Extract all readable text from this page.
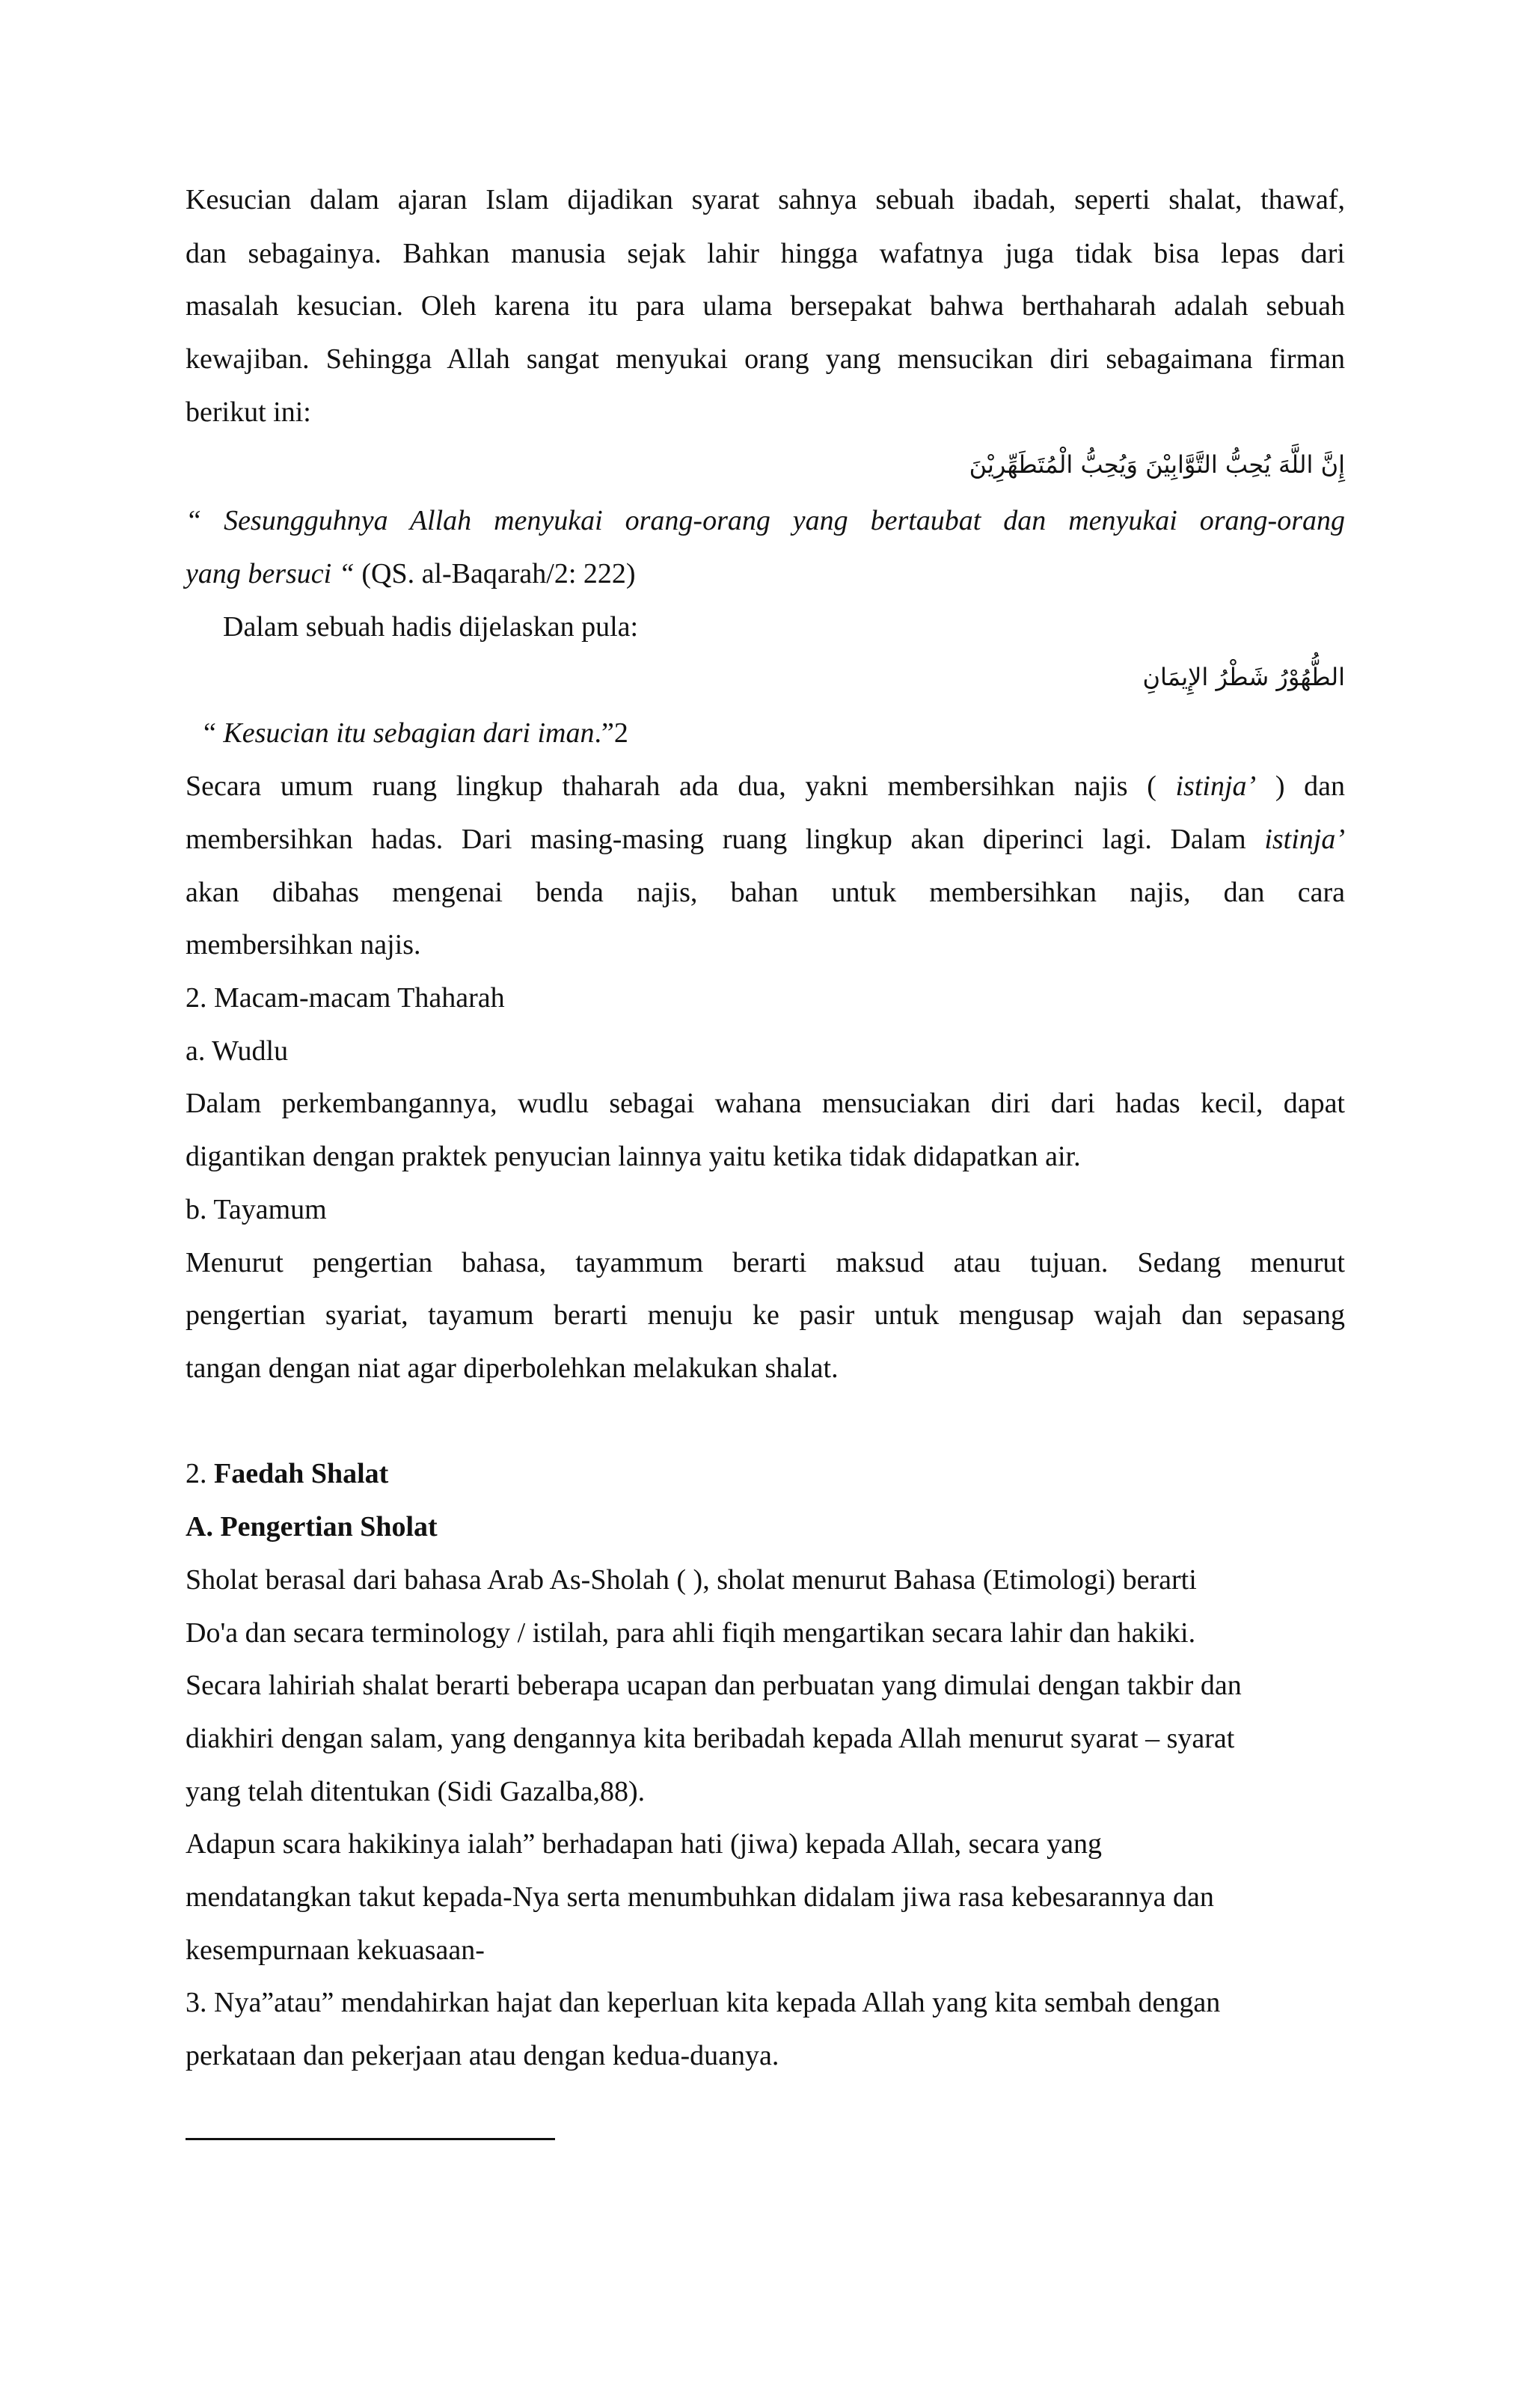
Kesucian dalam ajaran Islam dijadikan syarat sahnya sebuah ibadah, seperti shalat, thawaf,
dan sebagainya. Bahkan manusia sejak lahir hingga wafatnya juga tidak bisa lepas dari
masalah kesucian. Oleh karena itu para ulama bersepakat bahwa berthaharah adalah sebuah
kewajiban. Sehingga Allah sangat menyukai orang yang mensucikan diri sebagaimana firman
berikut ini:
إِنَّ اللَّهَ يُحِبُّ التَّوَّابِيْنَ وَيُحِبُّ الْمُتَطَهِّرِيْنَ
“ Sesungguhnya Allah menyukai orang-orang yang bertaubat dan menyukai orang-orang
yang bersuci “ (QS. al-Baqarah/2: 222)
Dalam sebuah hadis dijelaskan pula:
الطُّهُوْرُ شَطْرُ الإِيمَانِ
“ Kesucian itu sebagian dari iman.”2
Secara umum ruang lingkup thaharah ada dua, yakni membersihkan najis ( istinja’ ) dan
membersihkan hadas. Dari masing-masing ruang lingkup akan diperinci lagi. Dalam istinja’
akan dibahas mengenai benda najis, bahan untuk membersihkan najis, dan cara
membersihkan najis.
2. Macam-macam Thaharah
a. Wudlu
Dalam perkembangannya, wudlu sebagai wahana mensuciakan diri dari hadas kecil, dapat
digantikan dengan praktek penyucian lainnya yaitu ketika tidak didapatkan air.
b. Tayamum
Menurut pengertian bahasa, tayammum berarti maksud atau tujuan. Sedang menurut
pengertian syariat, tayamum berarti menuju ke pasir untuk mengusap wajah dan sepasang
tangan dengan niat agar diperbolehkan melakukan shalat.
2. Faedah Shalat
A. Pengertian Sholat
Sholat berasal dari bahasa Arab As-Sholah ( ), sholat menurut Bahasa (Etimologi) berarti
Do'a dan secara terminology / istilah, para ahli fiqih mengartikan secara lahir dan hakiki.
Secara lahiriah shalat berarti beberapa ucapan dan perbuatan yang dimulai dengan takbir dan
diakhiri dengan salam, yang dengannya kita beribadah kepada Allah menurut syarat – syarat
yang telah ditentukan (Sidi Gazalba,88).
Adapun scara hakikinya ialah” berhadapan hati (jiwa) kepada Allah, secara yang
mendatangkan takut kepada-Nya serta menumbuhkan didalam jiwa rasa kebesarannya dan
kesempurnaan kekuasaan-
3. Nya”atau” mendahirkan hajat dan keperluan kita kepada Allah yang kita sembah dengan
perkataan dan pekerjaan atau dengan kedua-duanya.
